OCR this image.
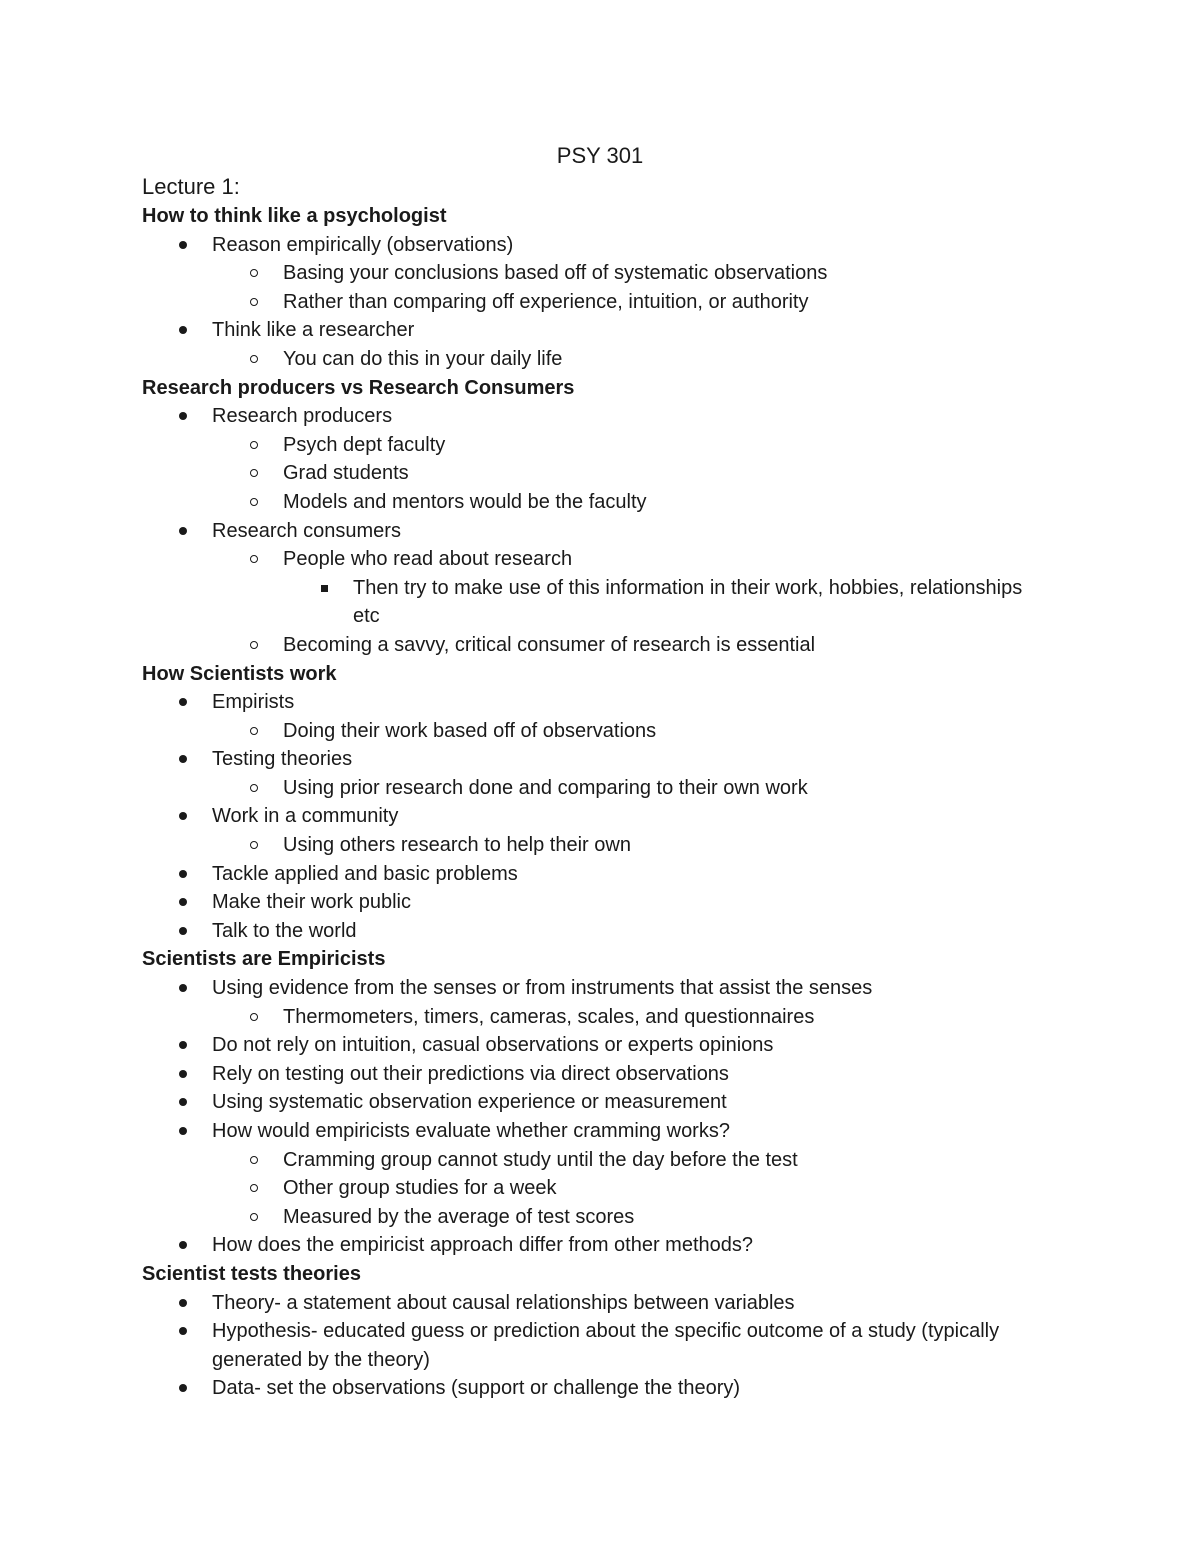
PSY 301
Lecture 1:
How to think like a psychologist
Reason empirically (observations)
Basing your conclusions based off of systematic observations
Rather than comparing off experience, intuition, or authority
Think like a researcher
You can do this in your daily life
Research producers vs Research Consumers
Research producers
Psych dept faculty
Grad students
Models and mentors would be the faculty
Research consumers
People who read about research
Then try to make use of this information in their work, hobbies, relationships etc
Becoming a savvy, critical consumer of research is essential
How Scientists work
Empirists
Doing their work based off of observations
Testing theories
Using prior research done and comparing to their own work
Work in a community
Using others research to help their own
Tackle applied and basic problems
Make their work public
Talk to the world
Scientists are Empiricists
Using evidence from the senses or from instruments that assist the senses
Thermometers, timers, cameras, scales, and questionnaires
Do not rely on intuition, casual observations or experts opinions
Rely on testing out their predictions via direct observations
Using systematic observation experience or measurement
How would empiricists evaluate whether cramming works?
Cramming group cannot study until the day before the test
Other group studies for a week
Measured by the average of test scores
How does the empiricist approach differ from other methods?
Scientist tests theories
Theory- a statement about causal relationships between variables
Hypothesis- educated guess or prediction about the specific outcome of a study (typically generated by the theory)
Data- set the observations (support or challenge the theory)
